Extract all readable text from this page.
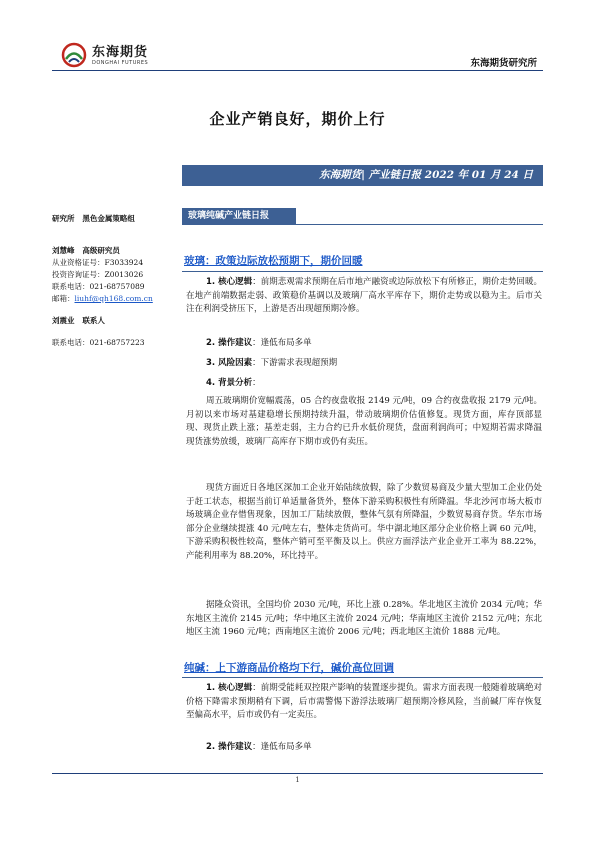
东海期货
DONGHAI FUTURES	东海期货研究所
企业产销良好，期价上行
东海期货| 产业链日报 2022 年 01 月 24 日
研究所 黑色金属策略组
刘慧峰 高级研究员
从业资格证号：F3033924
投资咨询证号：Z0013026
联系电话：021-68757089
邮箱：liuhf@qh168.com.cn
刘震业 联系人
联系电话：021-68757223
玻璃纯碱产业链日报
玻璃：政策边际放松预期下，期价回暖
1. 核心逻辑：前期悲观需求预期在后市地产融资或边际放松下有所修正，期价走势回暖。在地产前端数据走弱、政策稳价基调以及玻璃厂高水平库存下，期价走势或以稳为主。后市关注在利润受挤压下，上游是否出现超预期冷修。
2. 操作建议：逢低布局多单
3. 风险因素：下游需求表现超预期
4. 背景分析：
周五玻璃期价宽幅震荡，05 合约夜盘收报 2149 元/吨，09 合约夜盘收报 2179 元/吨。月初以来市场对基建稳增长预期持续升温，带动玻璃期价估值修复。现货方面，库存顶部显现、现货止跌上涨；基差走弱，主力合约已升水低价现货，盘面利润尚可；中短期若需求降温现货涨势放缓，玻璃厂高库存下期市或仍有卖压。
现货方面近日各地区深加工企业开始陆续放假，除了少数贸易商及少量大型加工企业仍处于赶工状态，根据当前订单适量备货外，整体下游采购积极性有所降温。华北沙河市场大板市场玻璃企业存惜售现象，因加工厂陆续放假，整体气氛有所降温，少数贸易商存货。华东市场部分企业继续提涨 40 元/吨左右，整体走货尚可。华中湖北地区部分企业价格上调 60 元/吨，下游采购积极性较高，整体产销可至平衡及以上。供应方面浮法产业企业开工率为 88.22%，产能利用率为 88.20%，环比持平。
据隆众资讯，全国均价 2030 元/吨，环比上涨 0.28%。华北地区主流价 2034 元/吨；华东地区主流价 2145 元/吨；华中地区主流价 2024 元/吨；华南地区主流价 2152 元/吨；东北地区主流 1960 元/吨；西南地区主流价 2006 元/吨；西北地区主流价 1888 元/吨。
纯碱：上下游商品价格均下行，碱价高位回调
1. 核心逻辑：前期受能耗双控限产影响的装置逐步提负。需求方面表现一般随着玻璃绝对价格下降需求预期稍有下调，后市需警惕下游浮法玻璃厂超预期冷修风险，当前碱厂库存恢复至偏高水平，后市或仍有一定卖压。
2. 操作建议：逢低布局多单
1
